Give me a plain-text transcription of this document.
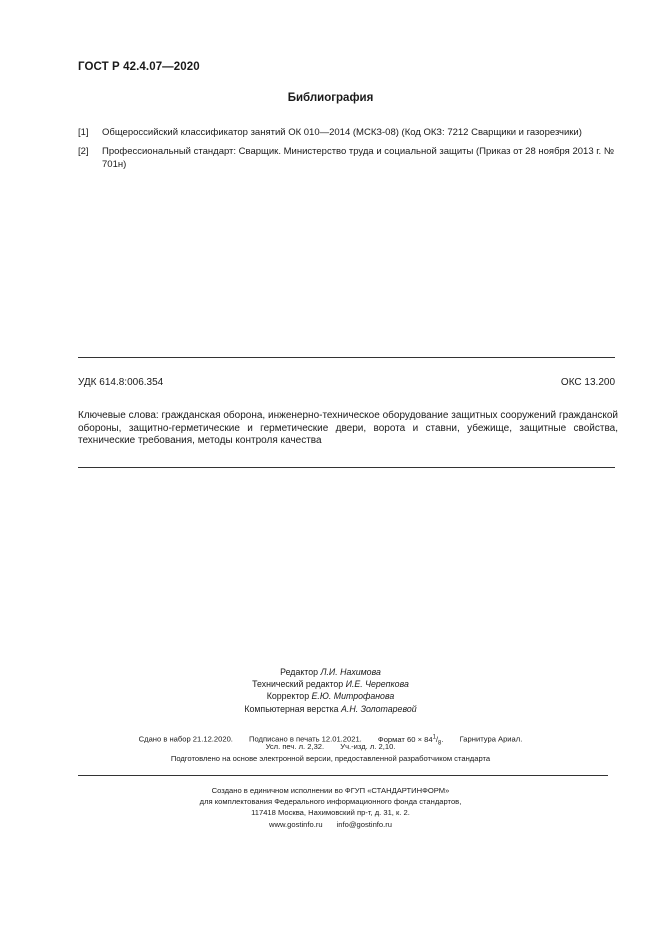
ГОСТ Р 42.4.07—2020
Библиография
[1] Общероссийский классификатор занятий ОК 010—2014 (МСКЗ-08) (Код ОКЗ: 7212 Сварщики и газорезчики)
[2] Профессиональный стандарт: Сварщик. Министерство труда и социальной защиты (Приказ от 28 ноября 2013 г. № 701н)
УДК 614.8:006.354	ОКС 13.200
Ключевые слова: гражданская оборона, инженерно-техническое оборудование защитных сооружений гражданской обороны, защитно-герметические и герметические двери, ворота и ставни, убежище, защитные свойства, технические требования, методы контроля качества
Редактор Л.И. Нахимова
Технический редактор И.Е. Черепкова
Корректор Е.Ю. Митрофанова
Компьютерная верстка А.Н. Золотаревой
Сдано в набор 21.12.2020. Подписано в печать 12.01.2021. Формат $60 \times 84^1/_8$. Гарнитура Ариал.
Усл. печ. л. 2,32. Уч.-изд. л. 2,10.
Подготовлено на основе электронной версии, предоставленной разработчиком стандарта
Создано в единичном исполнении во ФГУП «СТАНДАРТИНФОРМ»
для комплектования Федерального информационного фонда стандартов,
117418 Москва, Нахимовский пр-т, д. 31, к. 2.
www.gostinfo.ru info@gostinfo.ru
